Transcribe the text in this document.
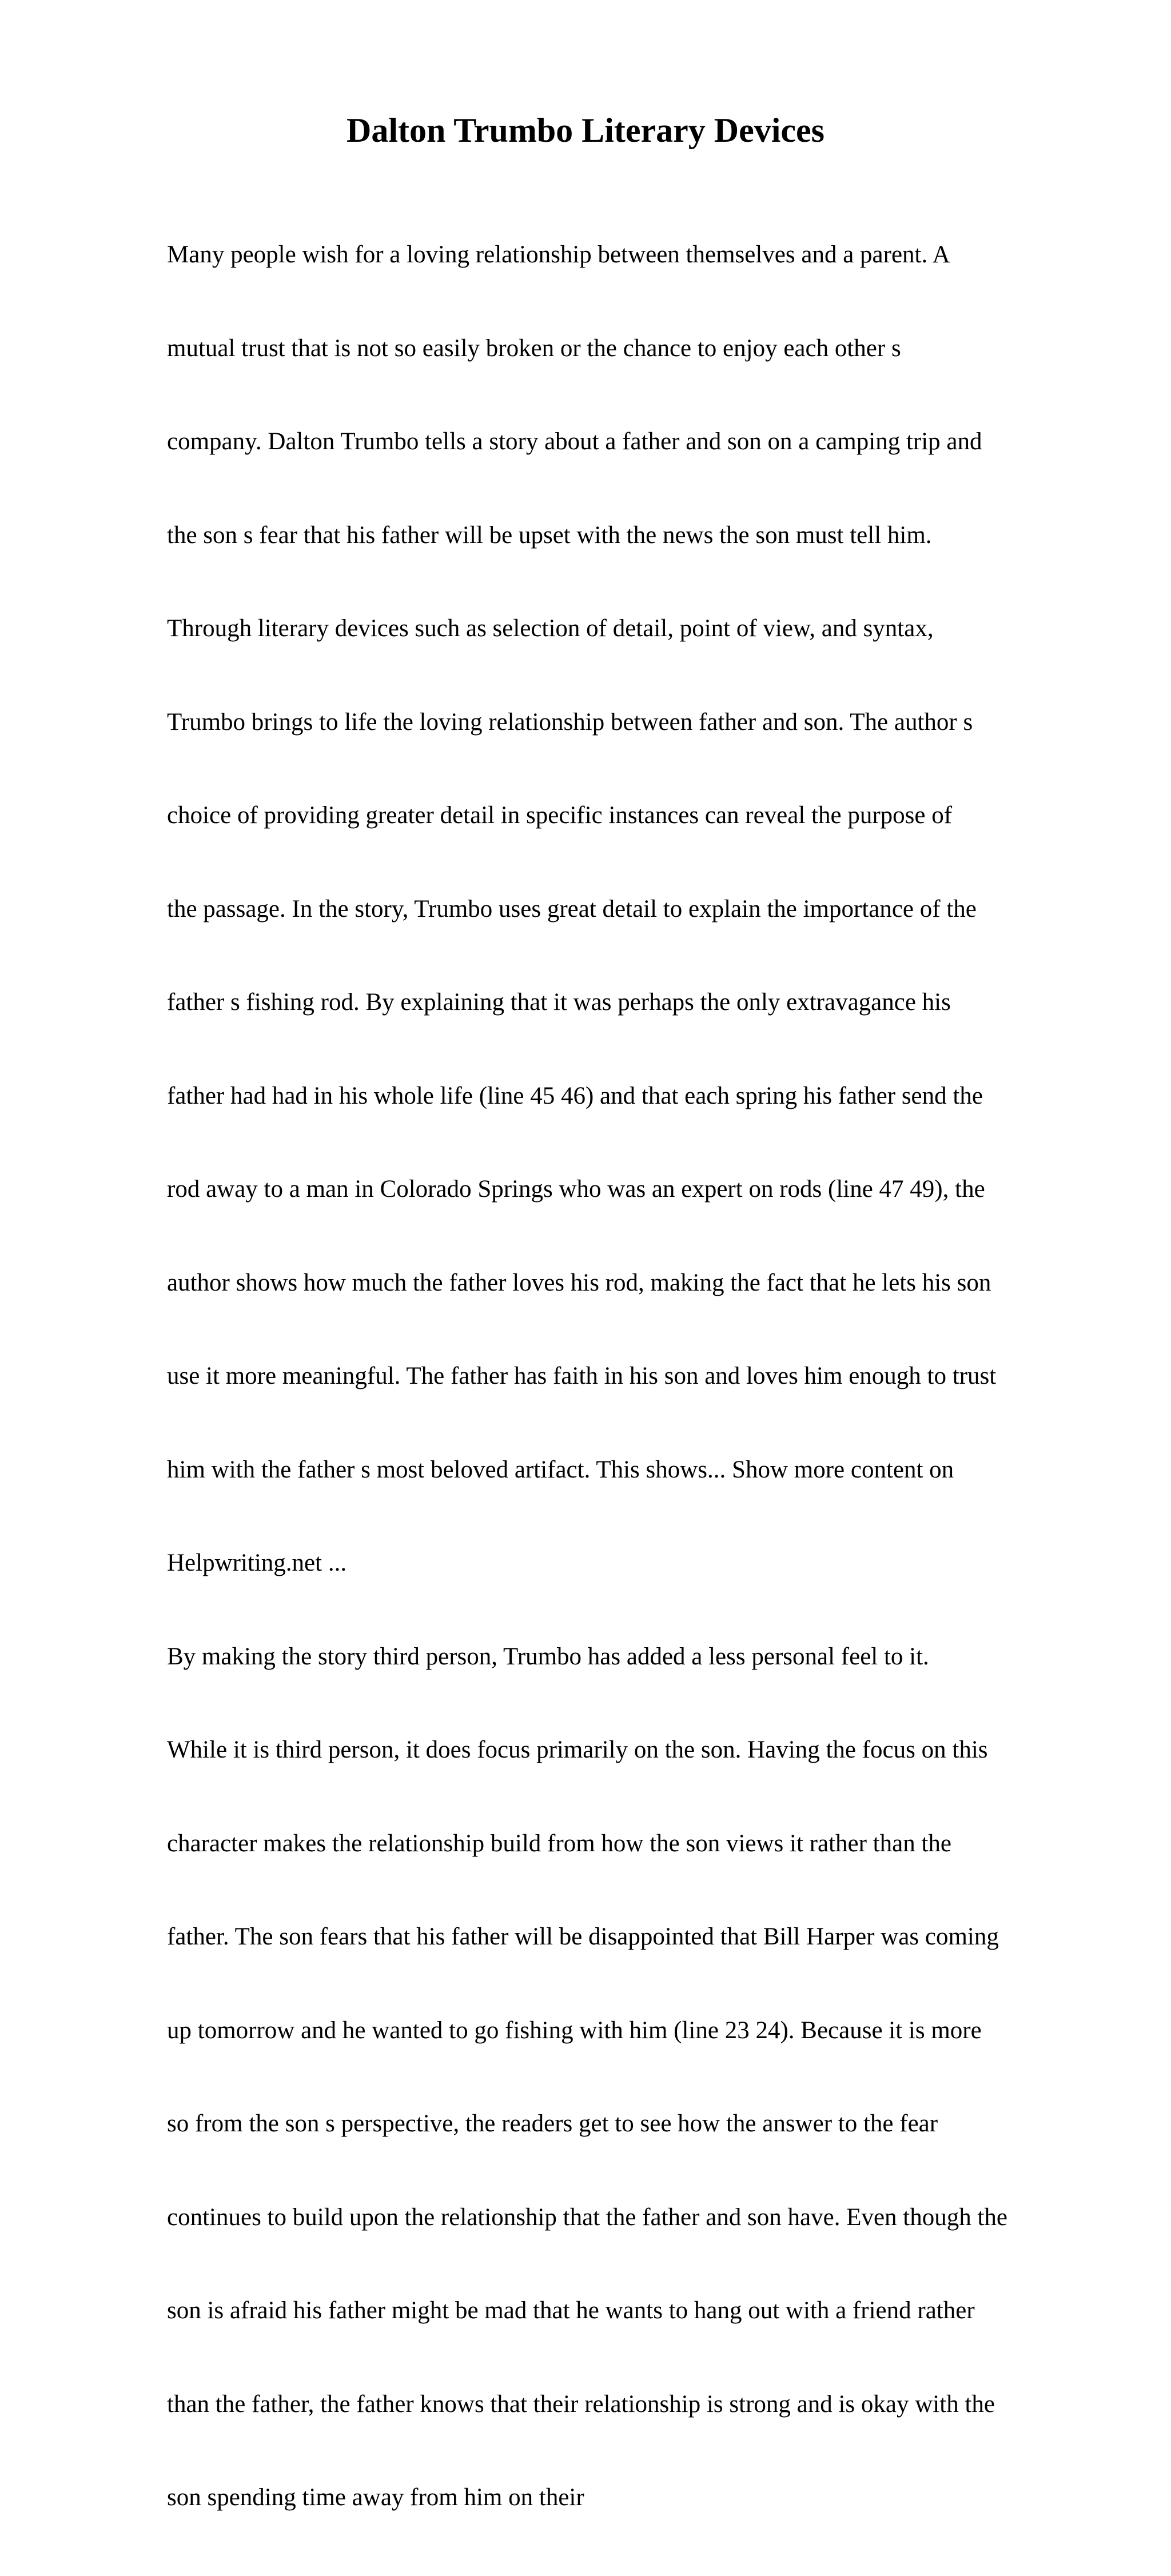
Dalton Trumbo Literary Devices

Many people wish for a loving relationship between themselves and a parent. A

mutual trust that is not so easily broken or the chance to enjoy each other s

company. Dalton Trumbo tells a story about a father and son on a camping trip and

the son s fear that his father will be upset with the news the son must tell him.

Through literary devices such as selection of detail, point of view, and syntax,

Trumbo brings to life the loving relationship between father and son. The author s

choice of providing greater detail in specific instances can reveal the purpose of

the passage. In the story, Trumbo uses great detail to explain the importance of the

father s fishing rod. By explaining that it was perhaps the only extravagance his

father had had in his whole life (line 45 46) and that each spring his father send the

rod away to a man in Colorado Springs who was an expert on rods (line 47 49), the

author shows how much the father loves his rod, making the fact that he lets his son

use it more meaningful. The father has faith in his son and loves him enough to trust

him with the father s most beloved artifact. This shows... Show more content on

Helpwriting.net ...

By making the story third person, Trumbo has added a less personal feel to it.

While it is third person, it does focus primarily on the son. Having the focus on this

character makes the relationship build from how the son views it rather than the

father. The son fears that his father will be disappointed that Bill Harper was coming

up tomorrow and he wanted to go fishing with him (line 23 24). Because it is more

so from the son s perspective, the readers get to see how the answer to the fear

continues to build upon the relationship that the father and son have. Even though the

son is afraid his father might be mad that he wants to hang out with a friend rather

than the father, the father knows that their relationship is strong and is okay with the

son spending time away from him on their
